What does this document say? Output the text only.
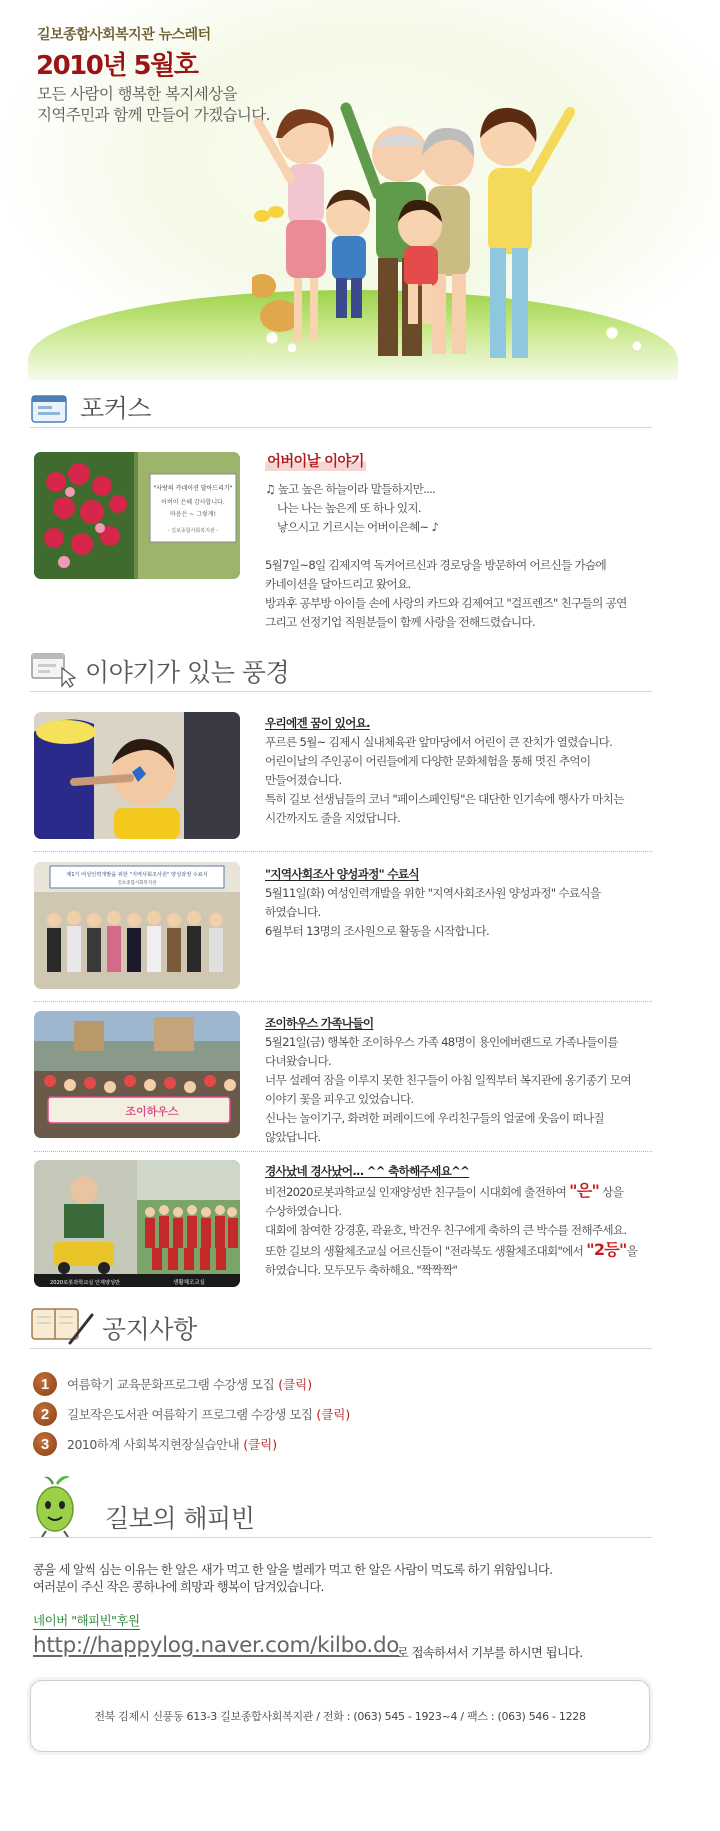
길보종합사회복지관 뉴스레터
2010년 5월호
모든 사람이 행복한 복지세상을
지역주민과 함께 만들어 가겠습니다.
포커스
"사랑의 카네이션 달아드리기"
어버이 은혜 감사합니다.
마음은 ~ 그렇게!
- 길보종합사회복지관 -
어버이날 이야기
♫ 높고 높은 하늘이라 말들하지만....
나는 나는 높은게 또 하나 있지.
낳으시고 기르시는 어버이은혜~ ♪
5월7일~8일 김제지역 독거어르신과 경로당을 방문하여 어르신들 가슴에
카네이션을 달아드리고 왔어요.
방과후 공부방 아이들 손에 사랑의 카드와 김제여고 "걸프렌즈" 친구들의 공연
그리고 선정기업 직원분들이 함께 사랑을 전해드렸습니다.
이야기가 있는 풍경
우리에겐 꿈이 있어요.
푸르른 5월~ 김제시 실내체육관 앞마당에서 어린이 큰 잔치가 열렸습니다.
어린이날의 주인공이 어린들에게 다양한 문화체험을 통해 멋진 추억이
만들어졌습니다.
특히 길보 선생님들의 코너 "페이스페인팅"은 대단한 인기속에 행사가 마치는
시간까지도 줄을 지었답니다.
제1기 여성인력개발을 위한 "지역사회조사원" 양성과정 수료식
길보종합사회복지관
"지역사회조사 양성과정" 수료식
5월11일(화) 여성인력개발을 위한 "지역사회조사원 양성과정" 수료식을
하였습니다.
6월부터 13명의 조사원으로 활동을 시작합니다.
조이하우스
조이하우스 가족나들이
5월21일(금) 행복한 조이하우스 가족 48명이 용인에버랜드로 가족나들이를
다녀왔습니다.
너무 설레여 잠을 이루지 못한 친구들이 아침 일찍부터 복지관에 옹기종기 모여
이야기 꽃을 피우고 있었습니다.
신나는 놀이기구, 화려한 퍼레이드에 우리친구들의 얼굴에 웃음이 떠나질
않았답니다.
2020로봇과학교실 인재양성반	생활체조교실
경사났네 경사났어... ^^ 축하해주세요^^
비전2020로봇과학교실 인재양성반 친구들이 시대회에 출전하여 "은" 상을
수상하였습니다.
대회에 참여한 강경훈, 곽윤호, 박건우 친구에게 축하의 큰 박수를 전해주세요.
또한 길보의 생활체조교실 어르신들이 "전라북도 생활체조대회"에서 "2등"을
하였습니다. 모두모두 축하해요. "짝짝짝"
공지사항
1	여름학기 교육문화프로그램 수강생 모집 (클릭)
2	길보작은도서관 여름학기 프로그램 수강생 모집 (클릭)
3	2010하계 사회복지현장실습안내 (클릭)
길보의 해피빈
콩을 세 알씩 심는 이유는 한 알은 새가 먹고 한 알을 벌레가 먹고 한 알은 사람이 먹도록 하기 위함입니다.
여러분이 주신 작은 콩하나에 희망과 행복이 담겨있습니다.
네이버 "해피빈"후원
http://happylog.naver.com/kilbo.do
로 접속하셔서 기부를 하시면 됩니다.
전북 김제시 신풍동 613-3 길보종합사회복지관 / 전화 : (063) 545 - 1923~4 / 팩스 : (063) 546 - 1228
